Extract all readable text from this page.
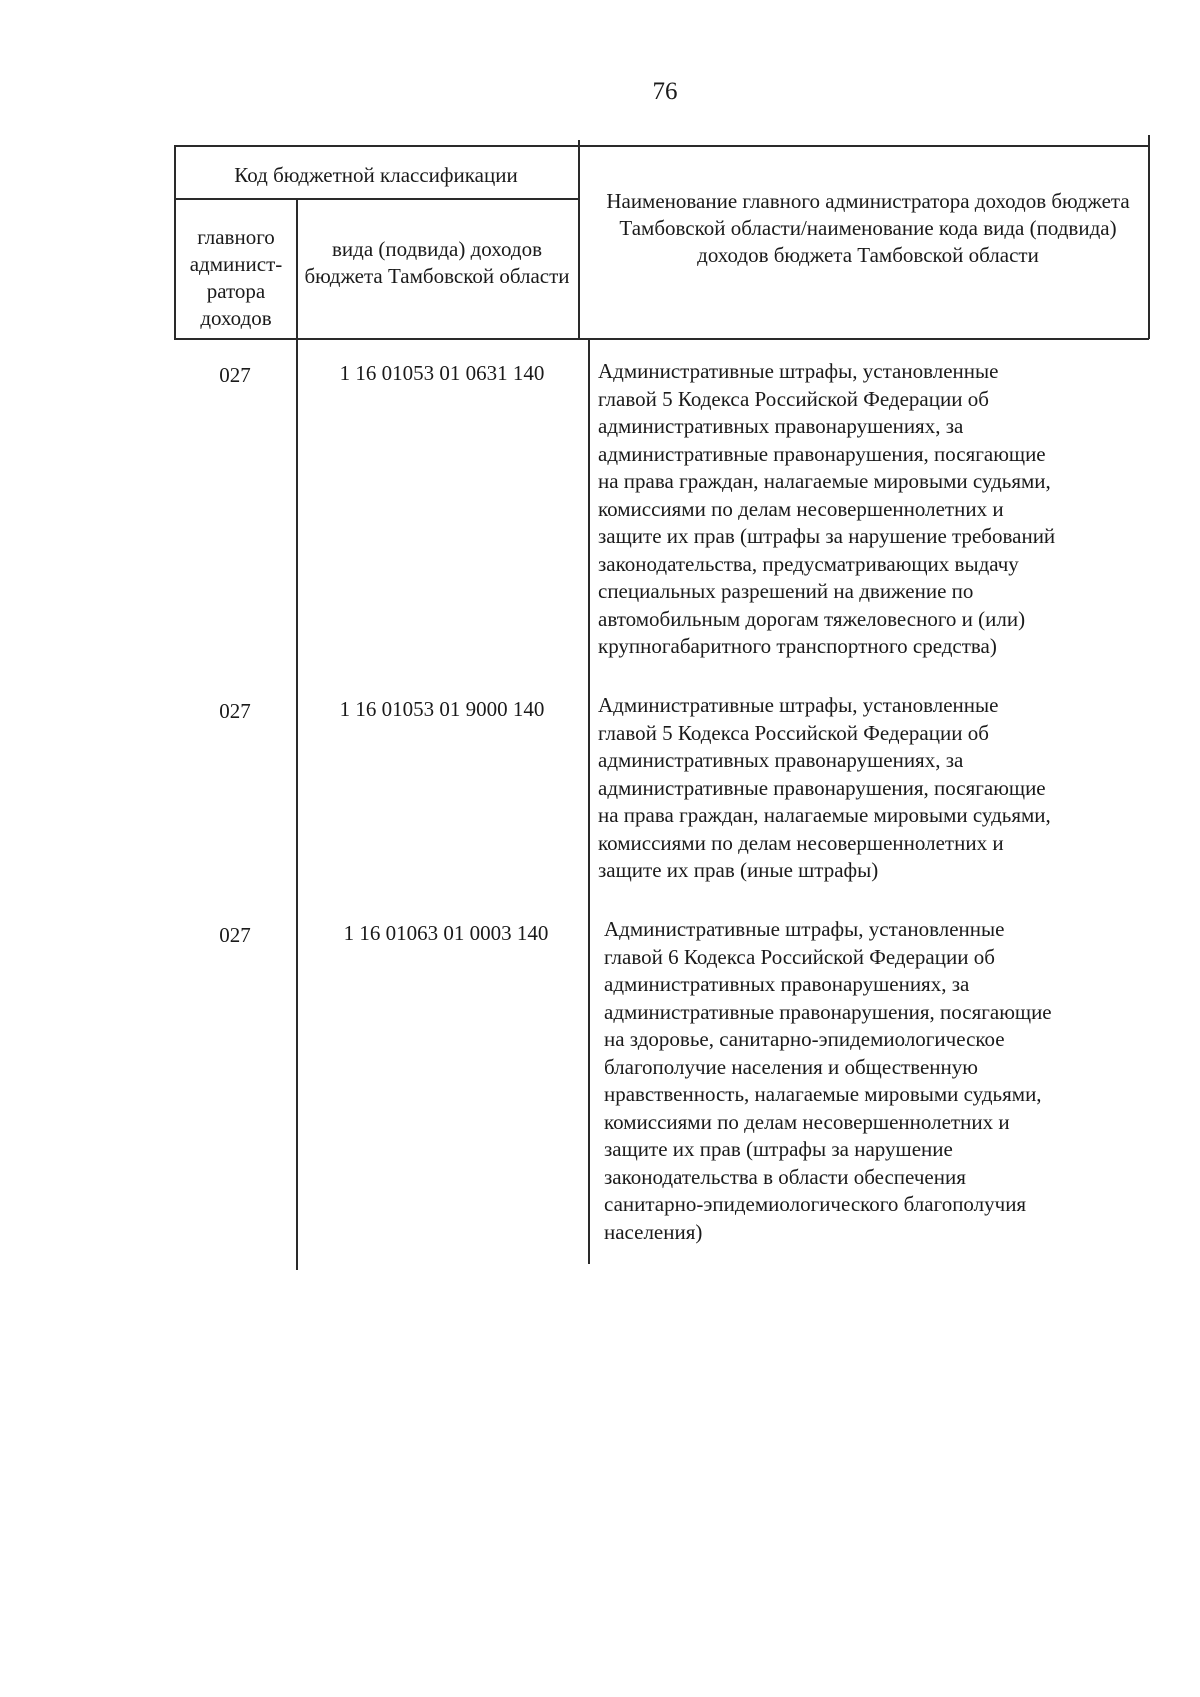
76
Код бюджетной классификации
главного админист-ратора доходов
вида (подвида) доходов бюджета Тамбовской области
Наименование главного администратора доходов бюджета Тамбовской области/наименование кода вида (подвида) доходов бюджета Тамбовской области
027	1 16 01053 01 0631 140	Административные штрафы, установленные
главой 5 Кодекса Российской Федерации об
административных правонарушениях, за
административные правонарушения, посягающие
на права граждан, налагаемые мировыми судьями,
комиссиями по делам несовершеннолетних и
защите их прав (штрафы за нарушение требований
законодательства, предусматривающих выдачу
специальных разрешений на движение по
автомобильным дорогам тяжеловесного и (или)
крупногабаритного транспортного средства)
027	1 16 01053 01 9000 140	Административные штрафы, установленные
главой 5 Кодекса Российской Федерации об
административных правонарушениях, за
административные правонарушения, посягающие
на права граждан, налагаемые мировыми судьями,
комиссиями по делам несовершеннолетних и
защите их прав (иные штрафы)
027	1 16 01063 01 0003 140	Административные штрафы, установленные
главой 6 Кодекса Российской Федерации об
административных правонарушениях, за
административные правонарушения, посягающие
на здоровье, санитарно-эпидемиологическое
благополучие населения и общественную
нравственность, налагаемые мировыми судьями,
комиссиями по делам несовершеннолетних и
защите их прав (штрафы за нарушение
законодательства в области обеспечения
санитарно-эпидемиологического благополучия
населения)
